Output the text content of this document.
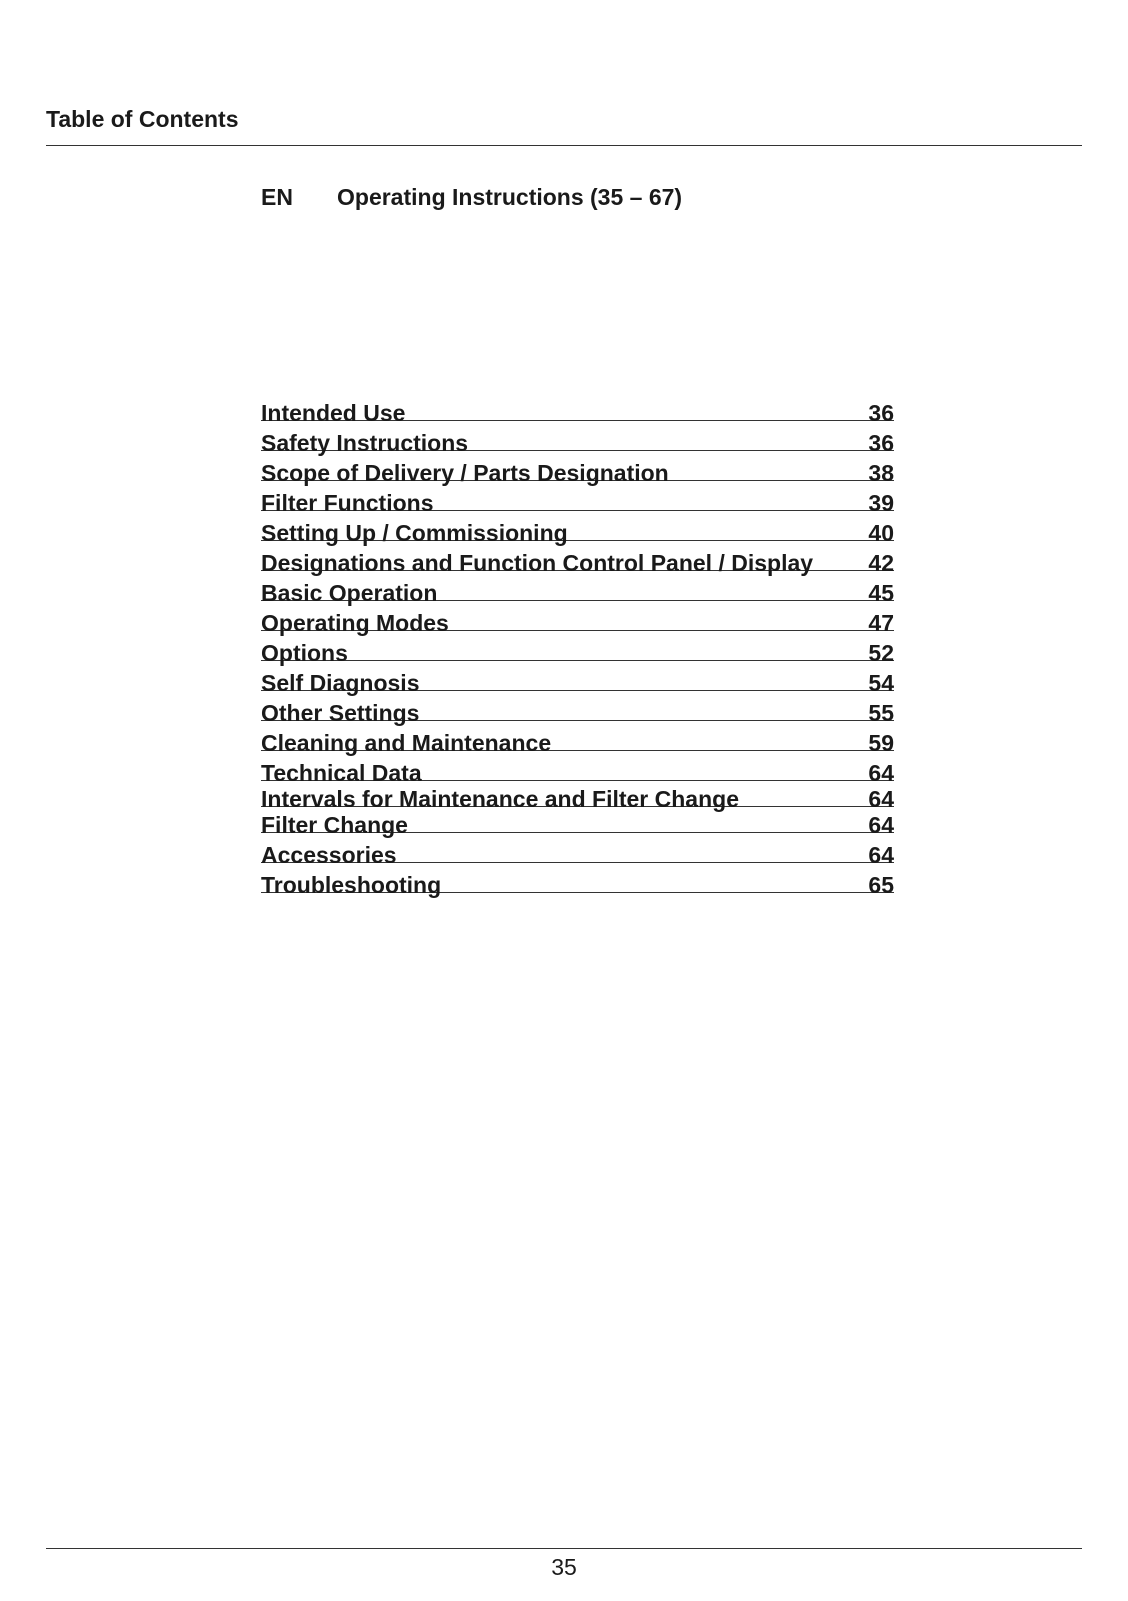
Table of Contents
EN Operating Instructions (35 – 67)
Intended Use	36
Safety Instructions	36
Scope of Delivery / Parts Designation	38
Filter Functions	39
Setting Up / Commissioning	40
Designations and Function Control Panel / Display 42
Basic Operation	45
Operating Modes	47
Options	52
Self Diagnosis	54
Other Settings	55
Cleaning and Maintenance	59
Technical Data	64
Intervals for Maintenance and Filter Change	64
Filter Change	64
Accessories	64
Troubleshooting	65
35
